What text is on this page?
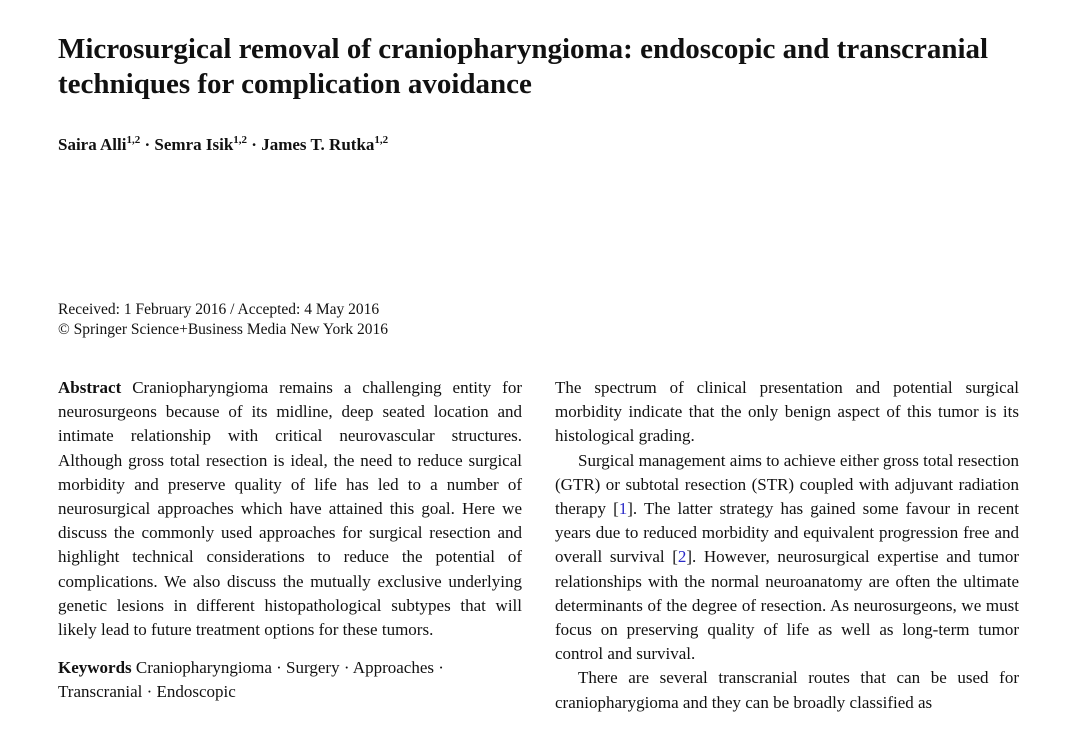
Microsurgical removal of craniopharyngioma: endoscopic and transcranial techniques for complication avoidance
Saira Alli$^{1,2}$ · Semra Isik$^{1,2}$ · James T. Rutka$^{1,2}$
Received: 1 February 2016 / Accepted: 4 May 2016
© Springer Science+Business Media New York 2016

Abstract Craniopharyngioma remains a challenging entity for neurosurgeons because of its midline, deep seated location and intimate relationship with critical neurovascular structures. Although gross total resection is ideal, the need to reduce surgical morbidity and preserve quality of life has led to a number of neurosurgical approaches which have attained this goal. Here we discuss the commonly used approaches for surgical resection and highlight technical considerations to reduce the potential of complications. We also discuss the mutually exclusive underlying genetic lesions in different histopathological subtypes that will likely lead to future treatment options for these tumors.

Keywords Craniopharyngioma · Surgery · Approaches · Transcranial · Endoscopic

The spectrum of clinical presentation and potential surgical morbidity indicate that the only benign aspect of this tumor is its histological grading.

Surgical management aims to achieve either gross total resection (GTR) or subtotal resection (STR) coupled with adjuvant radiation therapy [1]. The latter strategy has gained some favour in recent years due to reduced morbidity and equivalent progression free and overall survival [2]. However, neurosurgical expertise and tumor relationships with the normal neuroanatomy are often the ultimate determinants of the degree of resection. As neurosurgeons, we must focus on preserving quality of life as well as long-term tumor control and survival.

There are several transcranial routes that can be used for craniopharygioma and they can be broadly classified as
